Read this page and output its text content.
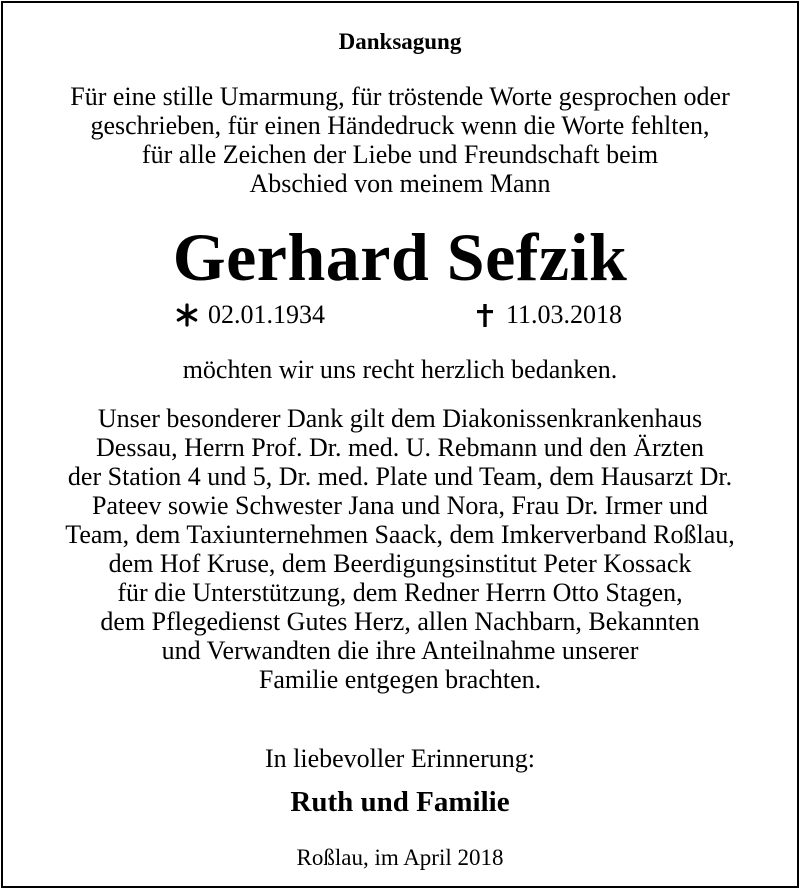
Danksagung
Für eine stille Umarmung, für tröstende Worte gesprochen oder
geschrieben, für einen Händedruck wenn die Worte fehlten,
für alle Zeichen der Liebe und Freundschaft beim
Abschied von meinem Mann
Gerhard Sefzik
02.01.1934	11.03.2018
möchten wir uns recht herzlich bedanken.
Unser besonderer Dank gilt dem Diakonissenkrankenhaus
Dessau, Herrn Prof. Dr. med. U. Rebmann und den Ärzten
der Station 4 und 5, Dr. med. Plate und Team, dem Hausarzt Dr.
Pateev sowie Schwester Jana und Nora, Frau Dr. Irmer und
Team, dem Taxiunternehmen Saack, dem Imkerverband Roßlau,
dem Hof Kruse, dem Beerdigungsinstitut Peter Kossack
für die Unterstützung, dem Redner Herrn Otto Stagen,
dem Pflegedienst Gutes Herz, allen Nachbarn, Bekannten
und Verwandten die ihre Anteilnahme unserer
Familie entgegen brachten.
In liebevoller Erinnerung:
Ruth und Familie
Roßlau, im April 2018
